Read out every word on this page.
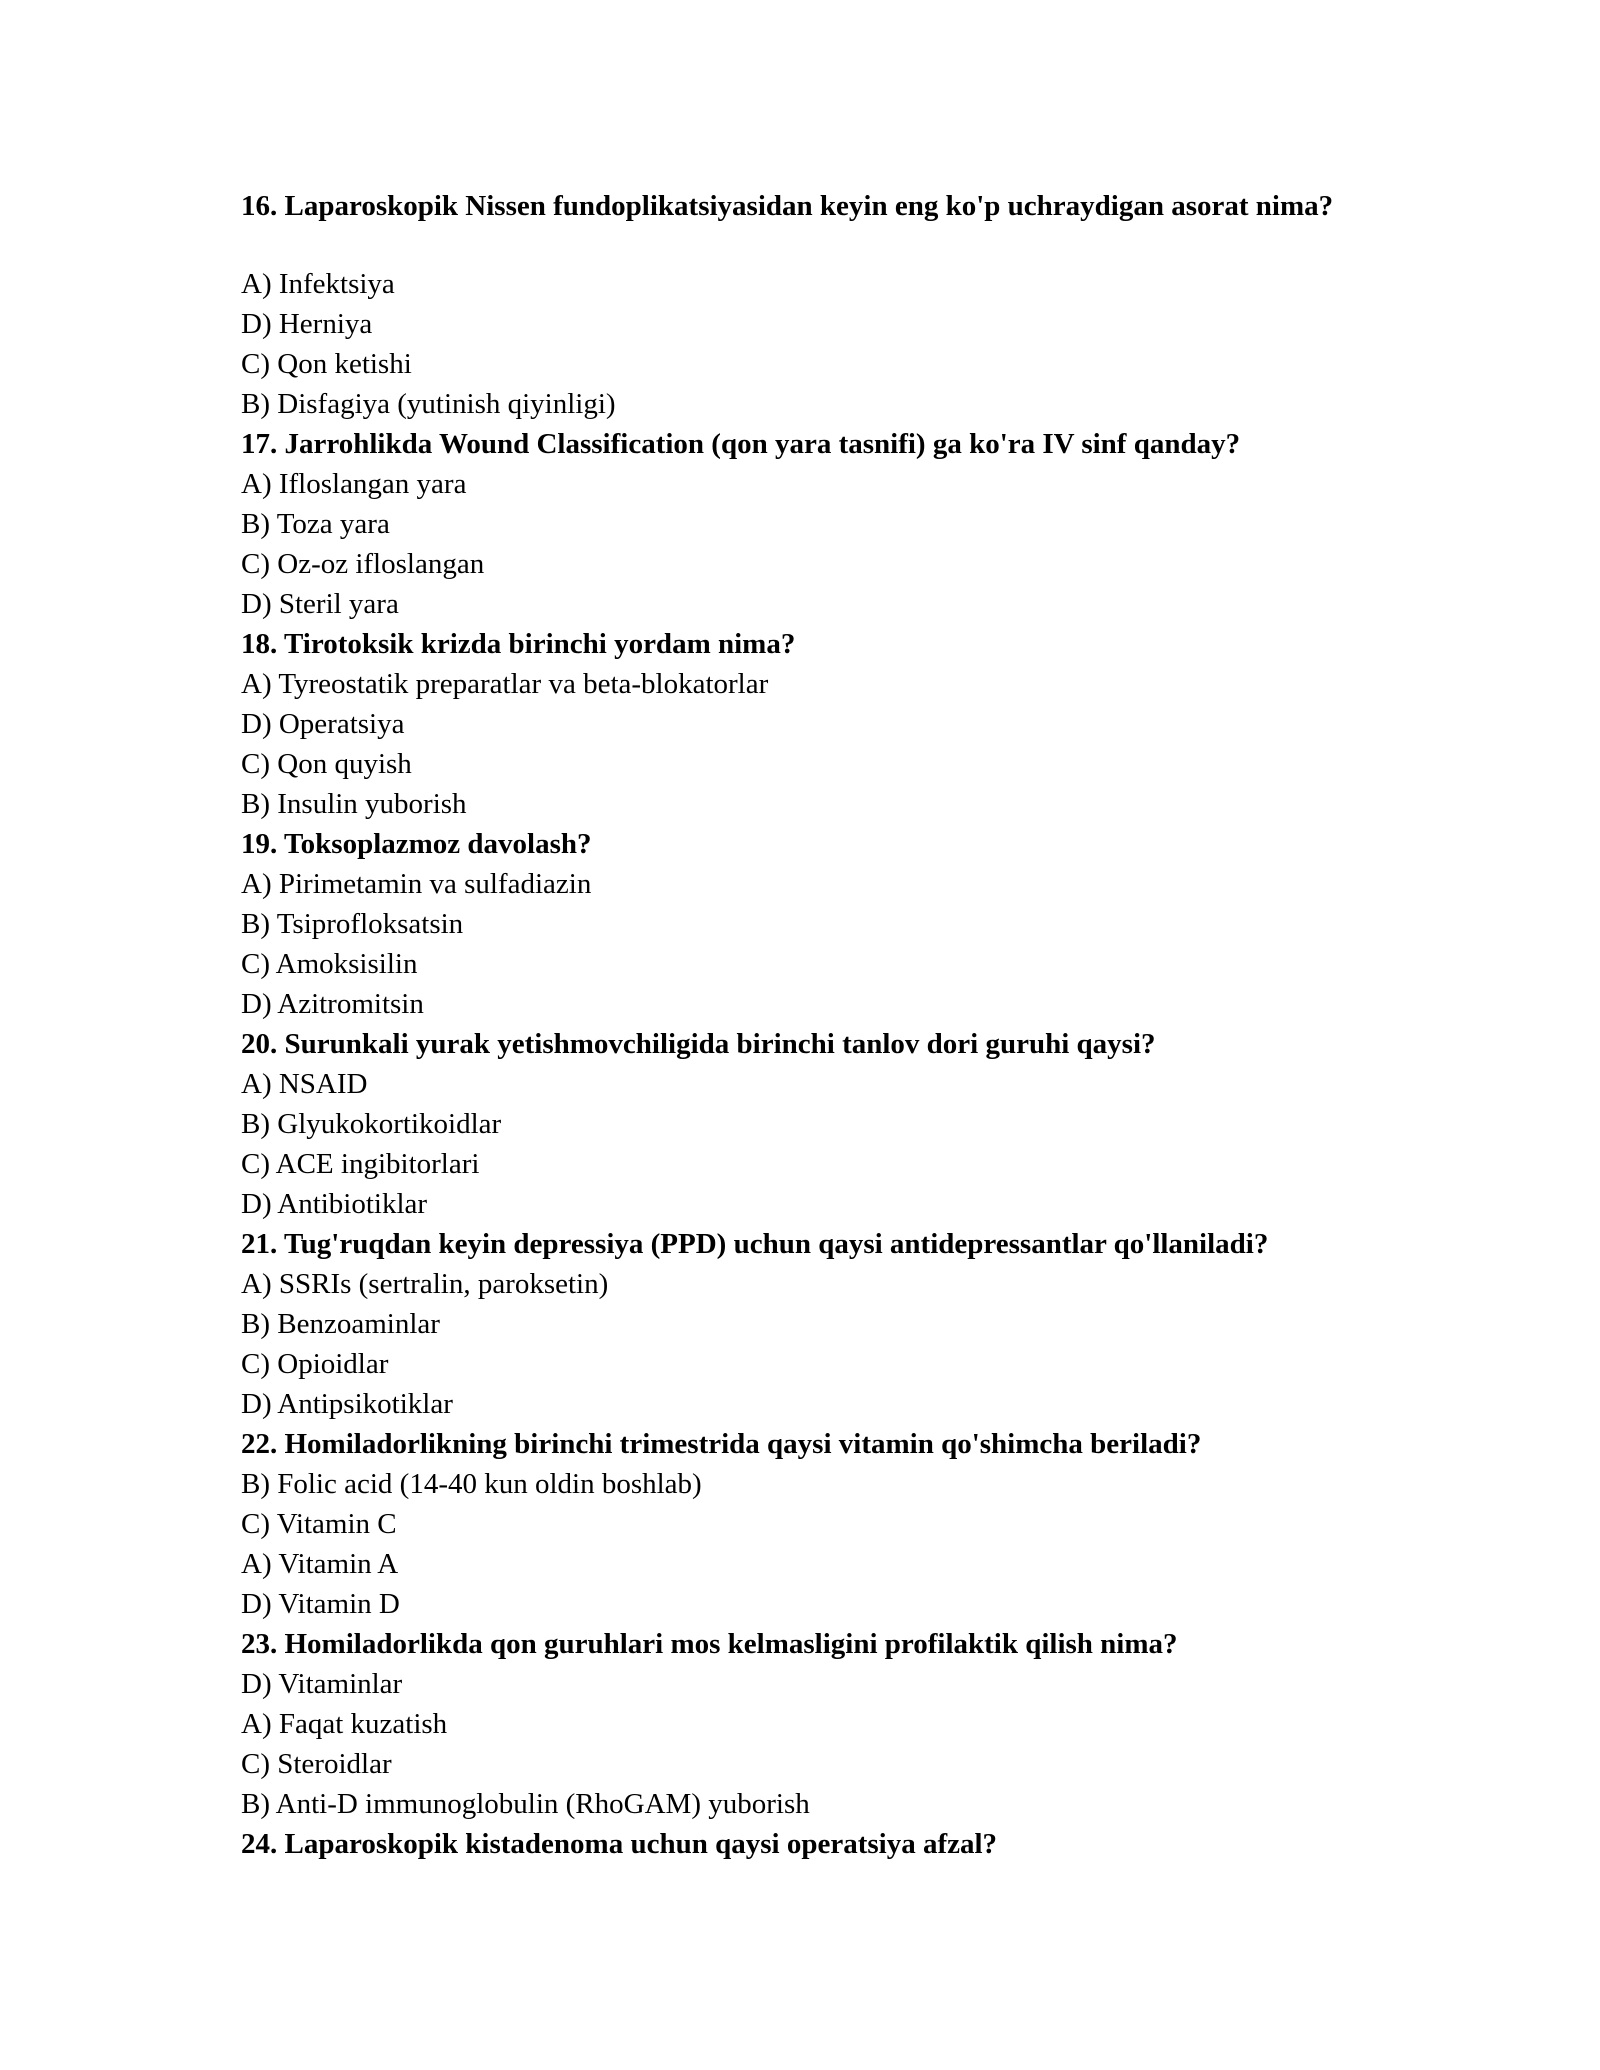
16. Laparoskopik Nissen fundoplikatsiyasidan keyin eng ko'p uchraydigan asorat nima?
A) Infektsiya
D) Herniya
C) Qon ketishi
B) Disfagiya (yutinish qiyinligi)
17. Jarrohlikda Wound Classification (qon yara tasnifi) ga ko'ra IV sinf qanday?
A) Ifloslangan yara
B) Toza yara
C) Oz-oz ifloslangan
D) Steril yara
18. Tirotoksik krizda birinchi yordam nima?
A) Tyreostatik preparatlar va beta-blokatorlar
D) Operatsiya
C) Qon quyish
B) Insulin yuborish
19. Toksoplazmoz davolash?
A) Pirimetamin va sulfadiazin
B) Tsiprofloksatsin
C) Amoksisilin
D) Azitromitsin
20. Surunkali yurak yetishmovchiligida birinchi tanlov dori guruhi qaysi?
A) NSAID
B) Glyukokortikoidlar
C) ACE ingibitorlari
D) Antibiotiklar
21. Tug'ruqdan keyin depressiya (PPD) uchun qaysi antidepressantlar qo'llaniladi?
A) SSRIs (sertralin, paroksetin)
B) Benzoaminlar
C) Opioidlar
D) Antipsikotiklar
22. Homiladorlikning birinchi trimestrida qaysi vitamin qo'shimcha beriladi?
B) Folic acid (14-40 kun oldin boshlab)
C) Vitamin C
A) Vitamin A
D) Vitamin D
23. Homiladorlikda qon guruhlari mos kelmasligini profilaktik qilish nima?
D) Vitaminlar
A) Faqat kuzatish
C) Steroidlar
B) Anti-D immunoglobulin (RhoGAM) yuborish
24. Laparoskopik kistadenoma uchun qaysi operatsiya afzal?
